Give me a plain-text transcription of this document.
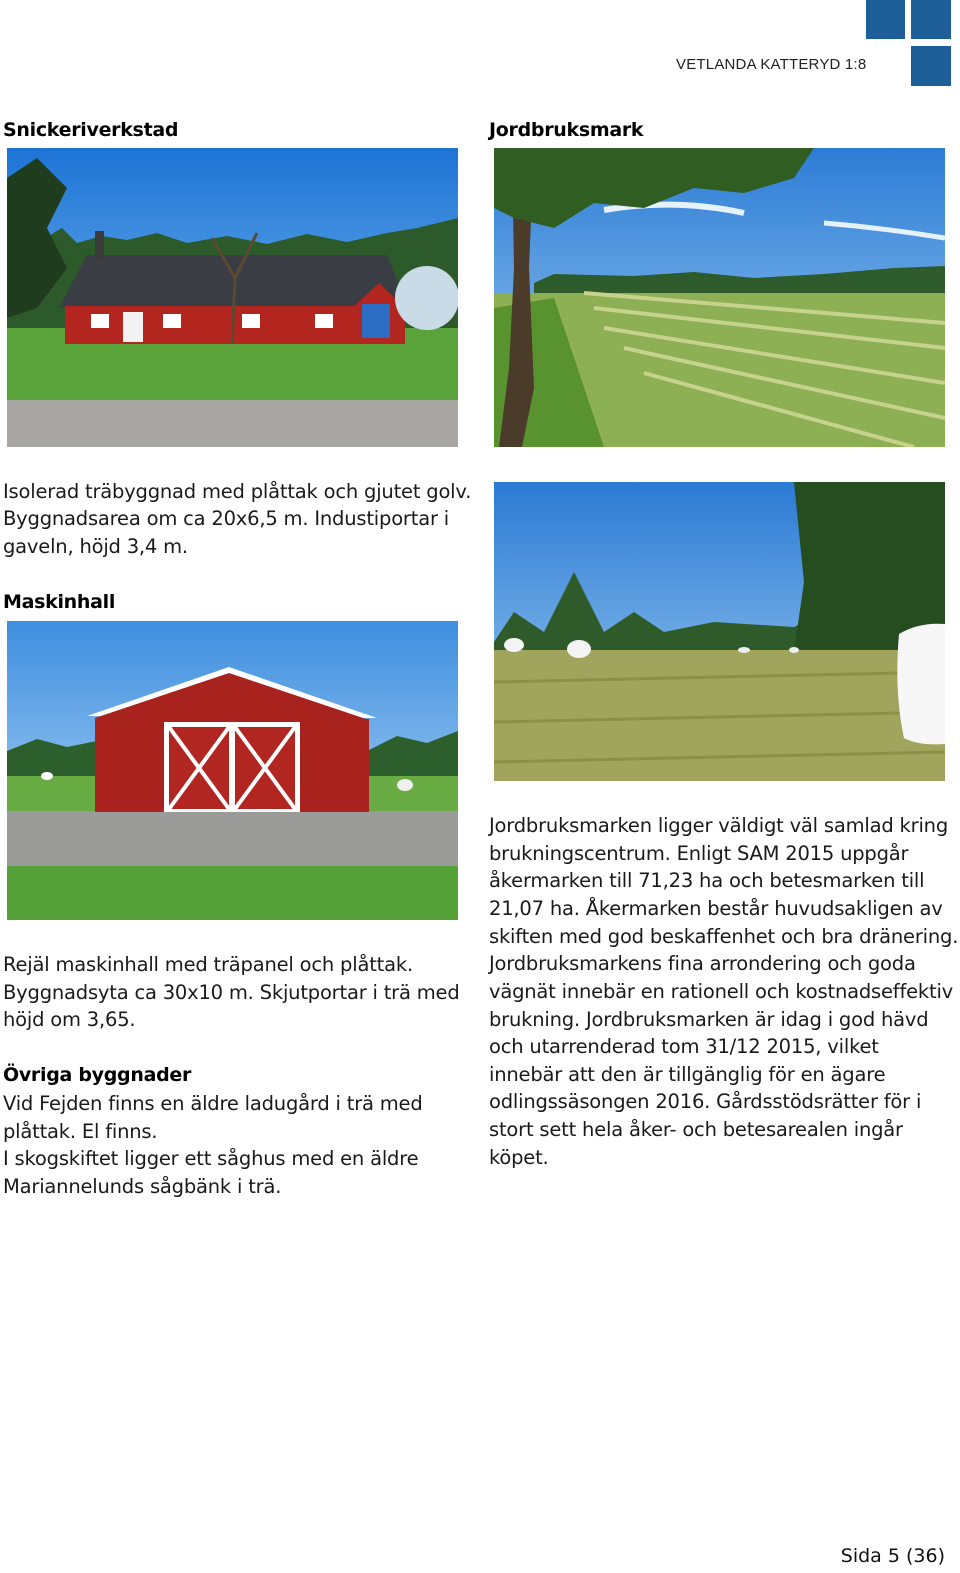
VETLANDA KATTERYD 1:8
Snickeriverkstad

Isolerad träbyggnad med plåttak och gjutet golv.

Byggnadsarea om ca 20x6,5 m. Industiportar i

gaveln, höjd 3,4 m.

Maskinhall

Rejäl maskinhall med träpanel och plåttak.

Byggnadsyta ca 30x10 m. Skjutportar i trä med

höjd om 3,65.

Övriga byggnader

Vid Fejden finns en äldre ladugård i trä med

plåttak. El finns.

I skogskiftet ligger ett såghus med en äldre

Mariannelunds sågbänk i trä.

Jordbruksmark

Jordbruksmarken ligger väldigt väl samlad kring

brukningscentrum. Enligt SAM 2015 uppgår

åkermarken till 71,23 ha och betesmarken till

21,07 ha. Åkermarken består huvudsakligen av

skiften med god beskaffenhet och bra dränering.

Jordbruksmarkens fina arrondering och goda

vägnät innebär en rationell och kostnadseffektiv

brukning. Jordbruksmarken är idag i god hävd

och utarrenderad tom 31/12 2015, vilket

innebär att den är tillgänglig för en ägare

odlingssäsongen 2016. Gårdsstödsrätter för i

stort sett hela åker- och betesarealen ingår

köpet.

Sida 5 (36)
